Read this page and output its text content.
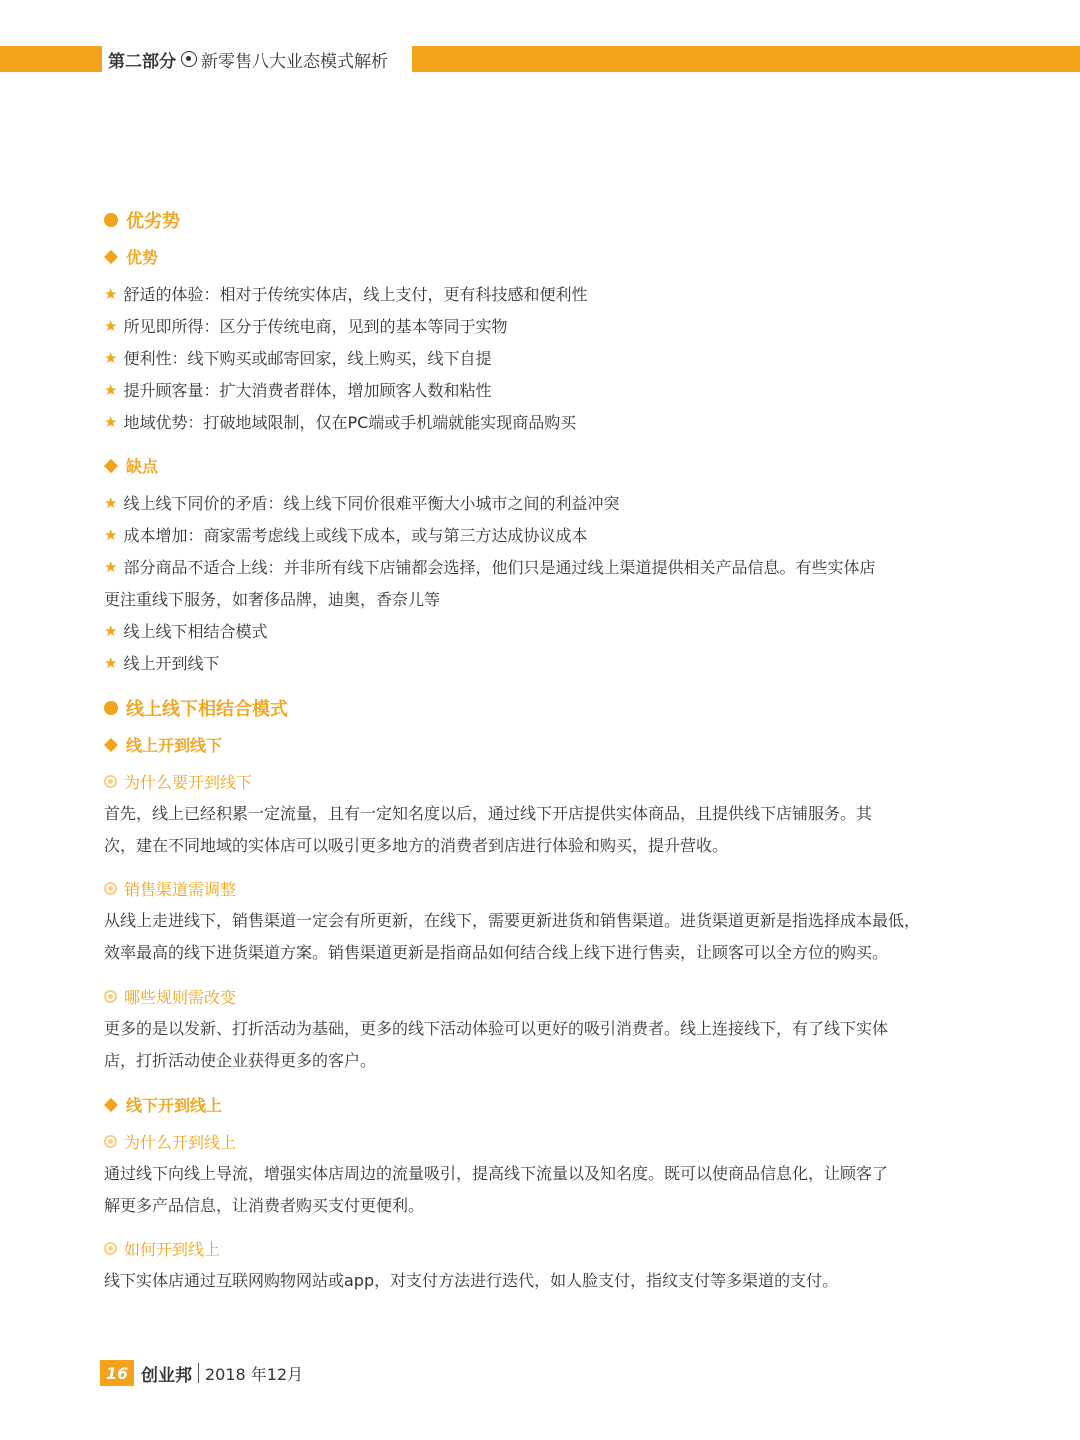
第二部分 新零售八大业态模式解析
优劣势
优势
★ 舒适的体验：相对于传统实体店，线上支付，更有科技感和便利性
★ 所见即所得：区分于传统电商，见到的基本等同于实物
★ 便利性：线下购买或邮寄回家，线上购买，线下自提
★ 提升顾客量：扩大消费者群体，增加顾客人数和粘性
★ 地域优势：打破地域限制，仅在PC端或手机端就能实现商品购买
缺点
★ 线上线下同价的矛盾：线上线下同价很难平衡大小城市之间的利益冲突
★ 成本增加：商家需考虑线上或线下成本，或与第三方达成协议成本
★ 部分商品不适合上线：并非所有线下店铺都会选择，他们只是通过线上渠道提供相关产品信息。有些实体店
更注重线下服务，如奢侈品牌，迪奥，香奈儿等
★ 线上线下相结合模式
★ 线上开到线下
线上线下相结合模式
线上开到线下
为什么要开到线下
首先，线上已经积累一定流量，且有一定知名度以后，通过线下开店提供实体商品，且提供线下店铺服务。其
次，建在不同地域的实体店可以吸引更多地方的消费者到店进行体验和购买，提升营收。
销售渠道需调整
从线上走进线下，销售渠道一定会有所更新，在线下，需要更新进货和销售渠道。进货渠道更新是指选择成本最低，
效率最高的线下进货渠道方案。销售渠道更新是指商品如何结合线上线下进行售卖，让顾客可以全方位的购买。
哪些规则需改变
更多的是以发新、打折活动为基础，更多的线下活动体验可以更好的吸引消费者。线上连接线下，有了线下实体
店，打折活动使企业获得更多的客户。
线下开到线上
为什么开到线上
通过线下向线上导流，增强实体店周边的流量吸引，提高线下流量以及知名度。既可以使商品信息化，让顾客了
解更多产品信息，让消费者购买支付更便利。
如何开到线上
线下实体店通过互联网购物网站或app，对支付方法进行迭代，如人脸支付，指纹支付等多渠道的支付。
16 创业邦 2018 年12月
